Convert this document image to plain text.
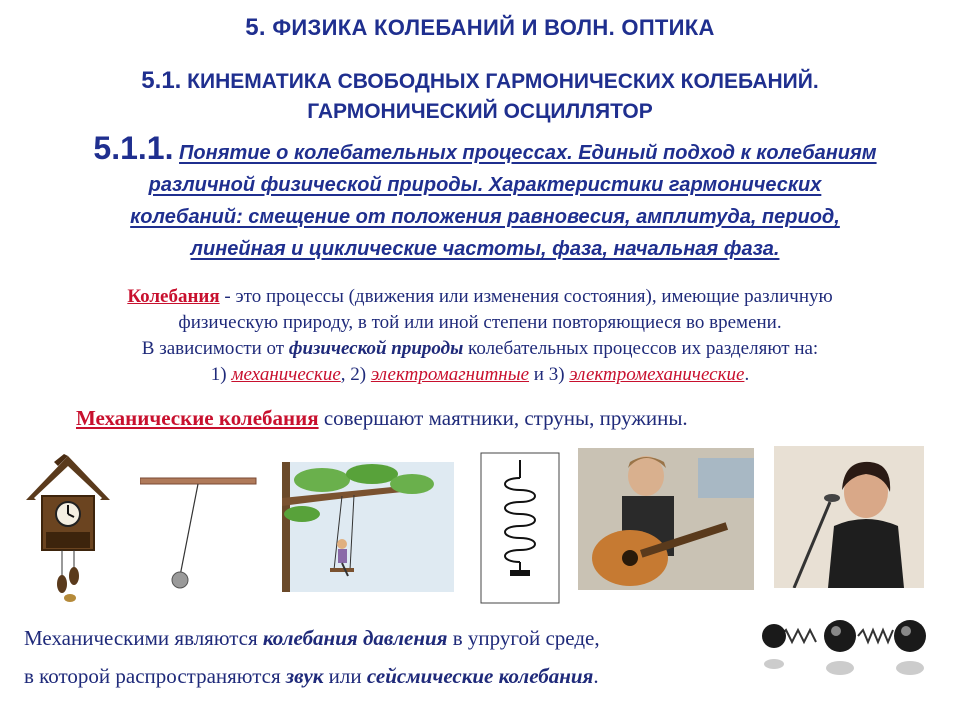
5. ФИЗИКА КОЛЕБАНИЙ И ВОЛН. ОПТИКА
5.1. КИНЕМАТИКА СВОБОДНЫХ ГАРМОНИЧЕСКИХ КОЛЕБАНИЙ.
ГАРМОНИЧЕСКИЙ ОСЦИЛЛЯТОР
5.1.1. Понятие о колебательных процессах. Единый подход к колебаниям
различной физической природы. Характеристики гармонических
колебаний: смещение от положения равновесия, амплитуда, период,
линейная и циклические частоты, фаза, начальная фаза.
Колебания - это процессы (движения или изменения состояния), имеющие различную
физическую природу, в той или иной степени повторяющиеся во времени.
В зависимости от физической природы колебательных процессов их разделяют на:
1) механические, 2) электромагнитные и 3) электромеханические.
Механические колебания совершают маятники, струны, пружины.
Механическими являются колебания давления в упругой среде,
в которой распространяются звук или сейсмические колебания.
